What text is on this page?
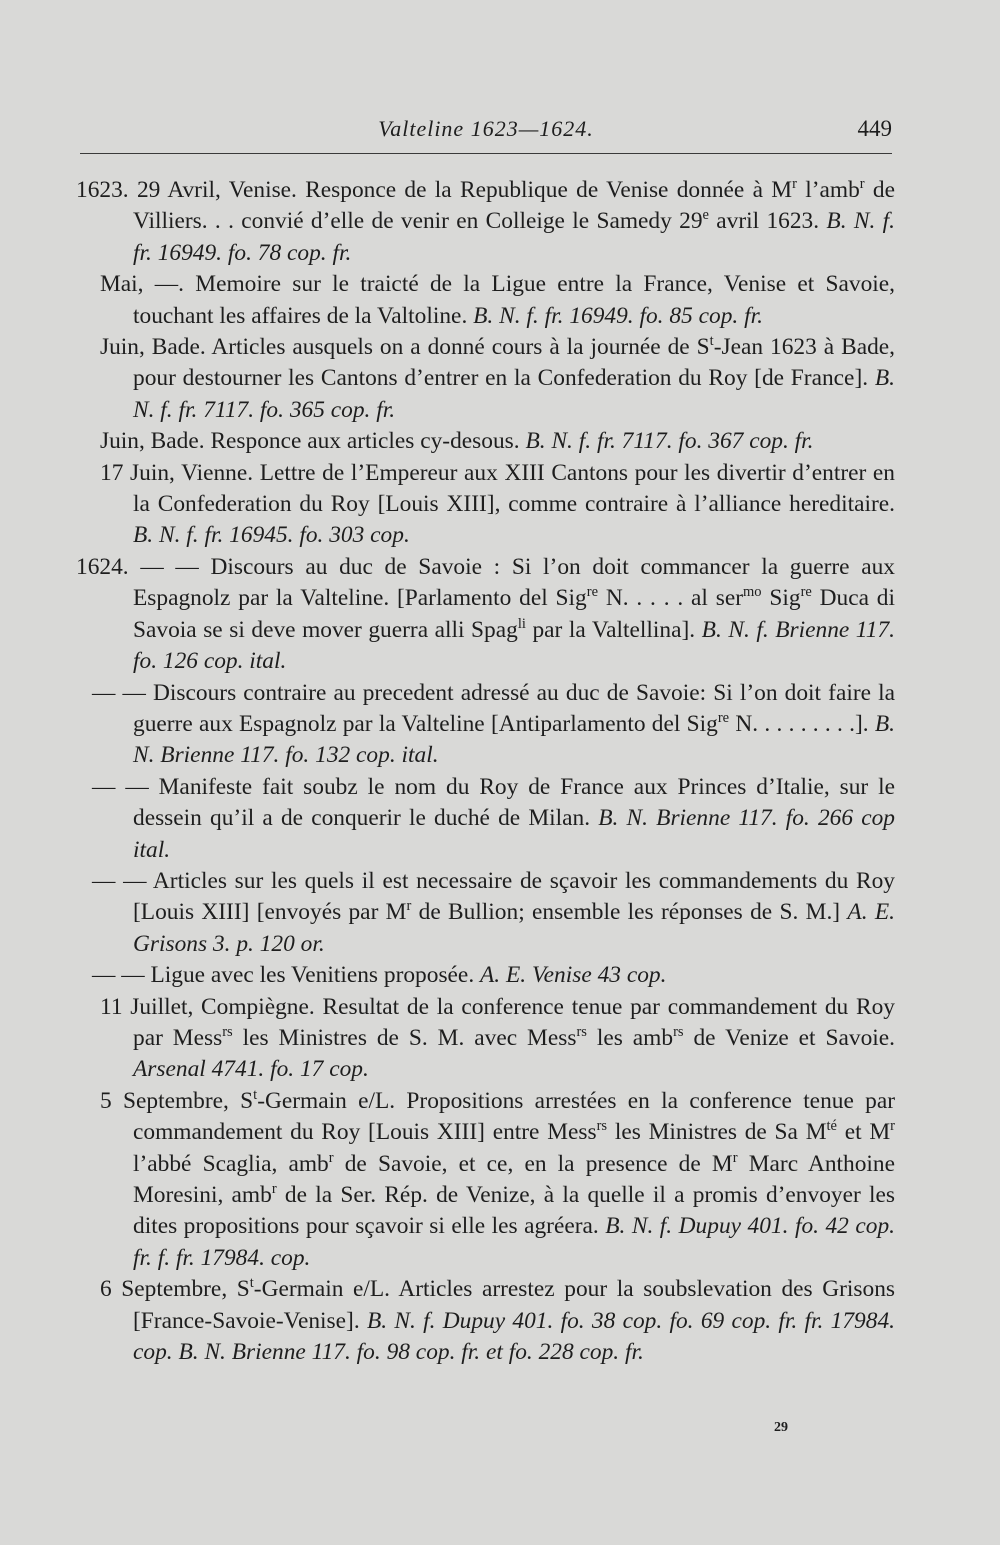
Valteline 1623—1624.	449

1623. 29 Avril, Venise. Responce de la Republique de Venise donnée à $M^r$ l’amb$^r$ de Villiers. . . convié d’elle de venir en Colleige le Samedy 29e avril 1623. B. N. f. fr. 16949. fo. 78 cop. fr.

Mai, —. Memoire sur le traicté de la Ligue entre la France, Venise et Savoie, touchant les affaires de la Valtoline. B. N. f. fr. 16949. fo. 85 cop. fr.

Juin, Bade. Articles ausquels on a donné cours à la journée de $S^t$-Jean 1623 à Bade, pour destourner les Cantons d’entrer en la Confederation du Roy [de France]. B. N. f. fr. 7117. fo. 365 cop. fr.

Juin, Bade. Responce aux articles cy-desous. B. N. f. fr. 7117. fo. 367 cop. fr.

17 Juin, Vienne. Lettre de l’Empereur aux XIII Cantons pour les divertir d’entrer en la Confederation du Roy [Louis XIII], comme contraire à l’alliance hereditaire. B. N. f. fr. 16945. fo. 303 cop.

1624. — — Discours au duc de Savoie : Si l’on doit commancer la guerre aux Espagnolz par la Valteline. [Parlamento del Sig$^{re}$ N. . . . . al ser$^{mo}$ Sig$^{re}$ Duca di Savoia se si deve mover guerra alli Spag$^{li}$ par la Valtellina]. B. N. f. Brienne 117. fo. 126 cop. ital.

— — Discours contraire au precedent adressé au duc de Savoie: Si l’on doit faire la guerre aux Espagnolz par la Valteline [Antiparlamento del Sig$^{re}$ N. . . . . . . . .]. B. N. Brienne 117. fo. 132 cop. ital.

— — Manifeste fait soubz le nom du Roy de France aux Princes d’Italie, sur le dessein qu’il a de conquerir le duché de Milan. B. N. Brienne 117. fo. 266 cop ital.

— — Articles sur les quels il est necessaire de sçavoir les commandements du Roy [Louis XIII] [envoyés par $M^r$ de Bullion; ensemble les réponses de S. M.] A. E. Grisons 3. p. 120 or.

— — Ligue avec les Venitiens proposée. A. E. Venise 43 cop.

11 Juillet, Compiègne. Resultat de la conference tenue par commandement du Roy par Mess$^{rs}$ les Ministres de S. M. avec Mess$^{rs}$ les amb$^{rs}$ de Venize et Savoie. Arsenal 4741. fo. 17 cop.

5 Septembre, $S^t$-Germain e/L. Propositions arrestées en la conference tenue par commandement du Roy [Louis XIII] entre Mess$^{rs}$ les Ministres de Sa $M^{té}$ et $M^r$ l’abbé Scaglia, amb$^r$ de Savoie, et ce, en la presence de $M^r$ Marc Anthoine Moresini, amb$^r$ de la Ser. Rép. de Venize, à la quelle il a promis d’envoyer les dites propositions pour sçavoir si elle les agréera. B. N. f. Dupuy 401. fo. 42 cop. fr. f. fr. 17984. cop.

6 Septembre, $S^t$-Germain e/L. Articles arrestez pour la soubslevation des Grisons [France-Savoie-Venise]. B. N. f. Dupuy 401. fo. 38 cop. fo. 69 cop. fr. fr. 17984. cop. B. N. Brienne 117. fo. 98 cop. fr. et fo. 228 cop. fr.

29
